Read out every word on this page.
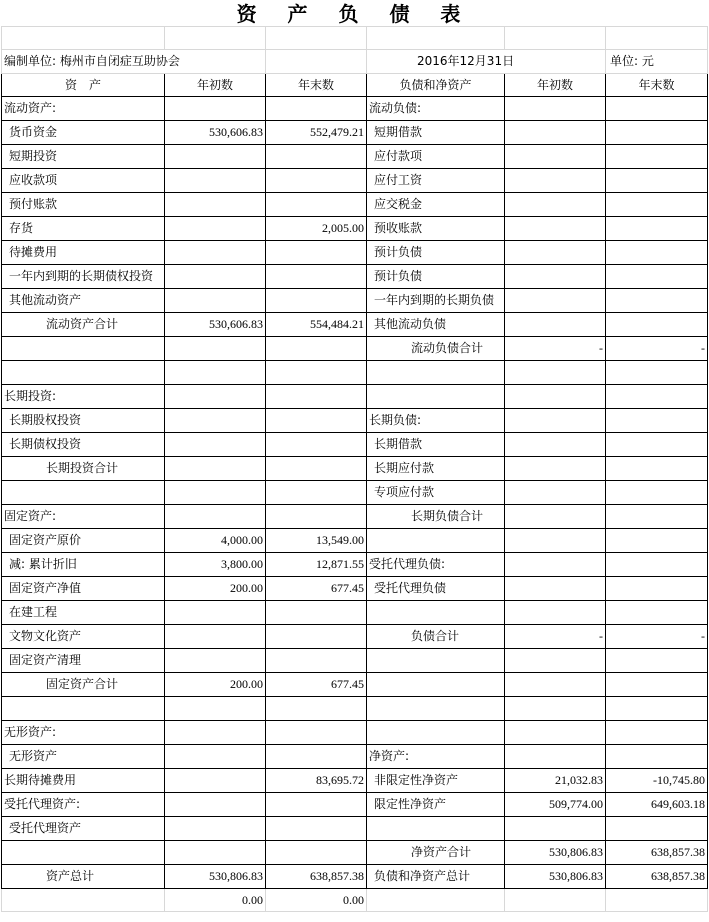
资 产 负 债 表

编制单位: 梅州市自闭症互助协会			2016年12月31日		单位: 元
资　产	年初数	年末数	负债和净资产	年初数	年末数
流动资产:			流动负债:		
货币资金	530,606.83	552,479.21	短期借款		
短期投资			应付款项		
应收款项			应付工资		
预付账款			应交税金		
存货		2,005.00	预收账款		
待摊费用			预计负债		
一年内到期的长期债权投资			预计负债		
其他流动资产			一年内到期的长期负债		
流动资产合计	530,606.83	554,484.21	其他流动负债		
			流动负债合计	-	-

长期投资:					
长期股权投资			长期负债:		
长期债权投资			长期借款		
长期投资合计			长期应付款		
			专项应付款		
固定资产:			长期负债合计		
固定资产原价	4,000.00	13,549.00			
减: 累计折旧	3,800.00	12,871.55	受托代理负债:		
固定资产净值	200.00	677.45	受托代理负债		
在建工程					
文物文化资产			负债合计	-	-
固定资产清理					
固定资产合计	200.00	677.45			

无形资产:					
无形资产			净资产:		
长期待摊费用		83,695.72	非限定性净资产	21,032.83	-10,745.80
受托代理资产:			限定性净资产	509,774.00	649,603.18
受托代理资产					
			净资产合计	530,806.83	638,857.38
资产总计	530,806.83	638,857.38	负债和净资产总计	530,806.83	638,857.38
	0.00	0.00			
